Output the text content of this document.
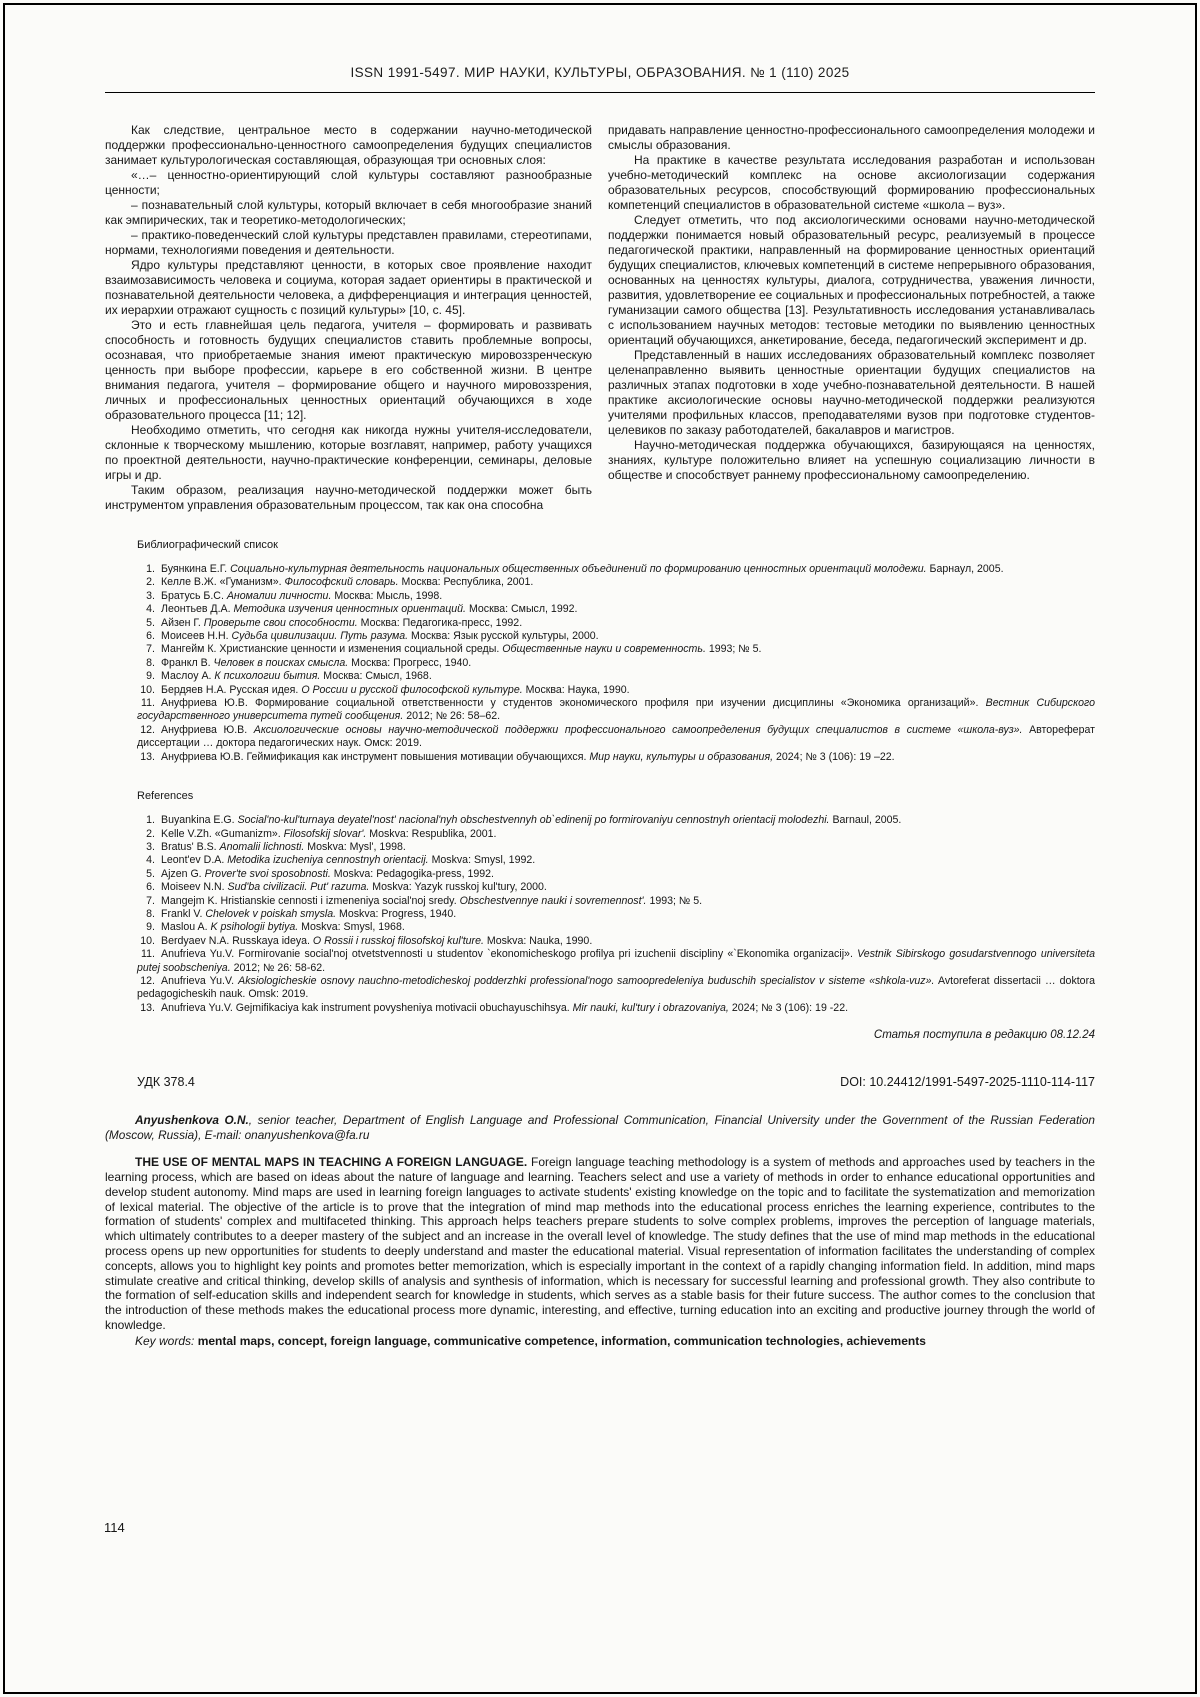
ISSN 1991-5497. МИР НАУКИ, КУЛЬТУРЫ, ОБРАЗОВАНИЯ. № 1 (110) 2025
Как следствие, центральное место в содержании научно-методической поддержки профессионально-ценностного самоопределения будущих специалистов занимает культурологическая составляющая, образующая три основных слоя:
«…– ценностно-ориентирующий слой культуры составляют разнообразные ценности;
– познавательный слой культуры, который включает в себя многообразие знаний как эмпирических, так и теоретико-методологических;
– практико-поведенческий слой культуры представлен правилами, стереотипами, нормами, технологиями поведения и деятельности.
Ядро культуры представляют ценности, в которых свое проявление находит взаимозависимость человека и социума, которая задает ориентиры в практической и познавательной деятельности человека, а дифференциация и интеграция ценностей, их иерархии отражают сущность с позиций культуры» [10, с. 45].
Это и есть главнейшая цель педагога, учителя – формировать и развивать способность и готовность будущих специалистов ставить проблемные вопросы, осознавая, что приобретаемые знания имеют практическую мировоззренческую ценность при выборе профессии, карьере в его собственной жизни. В центре внимания педагога, учителя – формирование общего и научного мировоззрения, личных и профессиональных ценностных ориентаций обучающихся в ходе образовательного процесса [11; 12].
Необходимо отметить, что сегодня как никогда нужны учителя-исследователи, склонные к творческому мышлению, которые возглавят, например, работу учащихся по проектной деятельности, научно-практические конференции, семинары, деловые игры и др.
Таким образом, реализация научно-методической поддержки может быть инструментом управления образовательным процессом, так как она способна
придавать направление ценностно-профессионального самоопределения молодежи и смыслы образования.
На практике в качестве результата исследования разработан и использован учебно-методический комплекс на основе аксиологизации содержания образовательных ресурсов, способствующий формированию профессиональных компетенций специалистов в образовательной системе «школа – вуз».
Следует отметить, что под аксиологическими основами научно-методической поддержки понимается новый образовательный ресурс, реализуемый в процессе педагогической практики, направленный на формирование ценностных ориентаций будущих специалистов, ключевых компетенций в системе непрерывного образования, основанных на ценностях культуры, диалога, сотрудничества, уважения личности, развития, удовлетворение ее социальных и профессиональных потребностей, а также гуманизации самого общества [13]. Результативность исследования устанавливалась с использованием научных методов: тестовые методики по выявлению ценностных ориентаций обучающихся, анкетирование, беседа, педагогический эксперимент и др.
Представленный в наших исследованиях образовательный комплекс позволяет целенаправленно выявить ценностные ориентации будущих специалистов на различных этапах подготовки в ходе учебно-познавательной деятельности. В нашей практике аксиологические основы научно-методической поддержки реализуются учителями профильных классов, преподавателями вузов при подготовке студентов-целевиков по заказу работодателей, бакалавров и магистров.
Научно-методическая поддержка обучающихся, базирующаяся на ценностях, знаниях, культуре положительно влияет на успешную социализацию личности в обществе и способствует раннему профессиональному самоопределению.
Библиографический список
1. Буянкина Е.Г. Социально-культурная деятельность национальных общественных объединений по формированию ценностных ориентаций молодежи. Барнаул, 2005.
2. Келле В.Ж. «Гуманизм». Философский словарь. Москва: Республика, 2001.
3. Братусь Б.С. Аномалии личности. Москва: Мысль, 1998.
4. Леонтьев Д.А. Методика изучения ценностных ориентаций. Москва: Смысл, 1992.
5. Айзен Г. Проверьте свои способности. Москва: Педагогика-пресс, 1992.
6. Моисеев Н.Н. Судьба цивилизации. Путь разума. Москва: Язык русской культуры, 2000.
7. Мангейм К. Христианские ценности и изменения социальной среды. Общественные науки и современность. 1993; № 5.
8. Франкл В. Человек в поисках смысла. Москва: Прогресс, 1940.
9. Маслоу А. К психологии бытия. Москва: Смысл, 1968.
10. Бердяев Н.А. Русская идея. О России и русской философской культуре. Москва: Наука, 1990.
11. Ануфриева Ю.В. Формирование социальной ответственности у студентов экономического профиля при изучении дисциплины «Экономика организаций». Вестник Сибирского государственного университета путей сообщения. 2012; № 26: 58–62.
12. Ануфриева Ю.В. Аксиологические основы научно-методической поддержки профессионального самоопределения будущих специалистов в системе «школа-вуз». Автореферат диссертации … доктора педагогических наук. Омск: 2019.
13. Ануфриева Ю.В. Геймификация как инструмент повышения мотивации обучающихся. Мир науки, культуры и образования, 2024; № 3 (106): 19 –22.
References
1. Buyankina E.G. Social'no-kul'turnaya deyatel'nost' nacional'nyh obschestvennyh ob`edinenij po formirovaniyu cennostnyh orientacij molodezhi. Barnaul, 2005.
2. Kelle V.Zh. «Gumanizm». Filosofskij slovar'. Moskva: Respublika, 2001.
3. Bratus' B.S. Anomalii lichnosti. Moskva: Mysl', 1998.
4. Leont'ev D.A. Metodika izucheniya cennostnyh orientacij. Moskva: Smysl, 1992.
5. Ajzen G. Prover'te svoi sposobnosti. Moskva: Pedagogika-press, 1992.
6. Moiseev N.N. Sud'ba civilizacii. Put' razuma. Moskva: Yazyk russkoj kul'tury, 2000.
7. Mangejm K. Hristianskie cennosti i izmeneniya social'noj sredy. Obschestvennye nauki i sovremennost'. 1993; № 5.
8. Frankl V. Chelovek v poiskah smysla. Moskva: Progress, 1940.
9. Maslou A. K psihologii bytiya. Moskva: Smysl, 1968.
10. Berdyaev N.A. Russkaya ideya. O Rossii i russkoj filosofskoj kul'ture. Moskva: Nauka, 1990.
11. Anufrieva Yu.V. Formirovanie social'noj otvetstvennosti u studentov `ekonomicheskogo profilya pri izuchenii discipliny «`Ekonomika organizacij». Vestnik Sibirskogo gosudarstvennogo universiteta putej soobscheniya. 2012; № 26: 58-62.
12. Anufrieva Yu.V. Aksiologicheskie osnovy nauchno-metodicheskoj podderzhki professional'nogo samoopredeleniya buduschih specialistov v sisteme «shkola-vuz». Avtoreferat dissertacii … doktora pedagogicheskih nauk. Omsk: 2019.
13. Anufrieva Yu.V. Gejmifikaciya kak instrument povysheniya motivacii obuchayuschihsya. Mir nauki, kul'tury i obrazovaniya, 2024; № 3 (106): 19 -22.
Статья поступила в редакцию 08.12.24
УДК 378.4	DOI: 10.24412/1991-5497-2025-1110-114-117
Anyushenkova O.N., senior teacher, Department of English Language and Professional Communication, Financial University under the Government of the Russian Federation (Moscow, Russia), E-mail: onanyushenkova@fa.ru
THE USE OF MENTAL MAPS IN TEACHING A FOREIGN LANGUAGE. Foreign language teaching methodology is a system of methods and approaches used by teachers in the learning process, which are based on ideas about the nature of language and learning. Teachers select and use a variety of methods in order to enhance educational opportunities and develop student autonomy. Mind maps are used in learning foreign languages to activate students' existing knowledge on the topic and to facilitate the systematization and memorization of lexical material. The objective of the article is to prove that the integration of mind map methods into the educational process enriches the learning experience, contributes to the formation of students' complex and multifaceted thinking. This approach helps teachers prepare students to solve complex problems, improves the perception of language materials, which ultimately contributes to a deeper mastery of the subject and an increase in the overall level of knowledge. The study defines that the use of mind map methods in the educational process opens up new opportunities for students to deeply understand and master the educational material. Visual representation of information facilitates the understanding of complex concepts, allows you to highlight key points and promotes better memorization, which is especially important in the context of a rapidly changing information field. In addition, mind maps stimulate creative and critical thinking, develop skills of analysis and synthesis of information, which is necessary for successful learning and professional growth. They also contribute to the formation of self-education skills and independent search for knowledge in students, which serves as a stable basis for their future success. The author comes to the conclusion that the introduction of these methods makes the educational process more dynamic, interesting, and effective, turning education into an exciting and productive journey through the world of knowledge.
Key words: mental maps, concept, foreign language, communicative competence, information, communication technologies, achievements
114
